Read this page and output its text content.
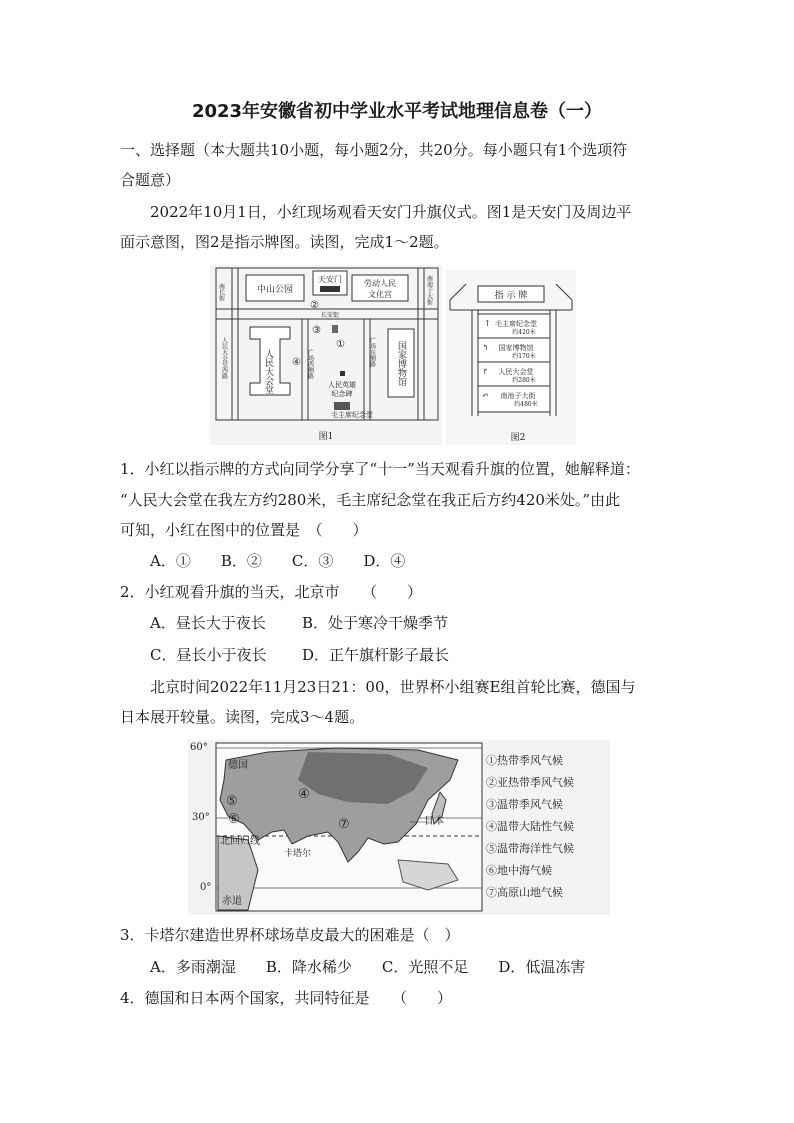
2023年安徽省初中学业水平考试地理信息卷（一）
一、选择题（本大题共10小题，每小题2分，共20分。每小题只有1个选项符
合题意）
2022年10月1日，小红现场观看天安门升旗仪式。图1是天安门及周边平
面示意图，图2是指示牌图。读图，完成1～2题。
中山公园
天安门	劳动人民
文化宫
南长街	南池子大街
长安街
②
人民大会堂
人民大会堂西路	④ 广场西侧路	广场东侧路
③
①
人民英雄
纪念碑
毛主席纪念堂
国家博物馆
图1
指 示 牌
↑ 毛主席纪念堂
约420米
↰ 国家博物馆
约170米
↱ 人民大会堂
约280米
↶ 南池子大街
约480米
图2
1．小红以指示牌的方式向同学分享了“十一”当天观看升旗的位置，她解释道：
“人民大会堂在我左方约280米，毛主席纪念堂在我正后方约420米处。”由此
可知，小红在图中的位置是　（　　）
A．①　　B．②　　C．③　　D．④
2．小红观看升旗的当天，北京市　　（　　）
A．昼长大于夜长 B．处于寒冷干燥季节
C．昼长小于夜长 D．正午旗杆影子最长
北京时间2022年11月23日21：00，世界杯小组赛E组首轮比赛，德国与
日本展开较量。读图，完成3～4题。
60°
30°
0°
④
⑤
⑥	⑦
德国
日本
卡塔尔
北回归线
赤道
①热带季风气候
②亚热带季风气候
③温带季风气候
④温带大陆性气候
⑤温带海洋性气候
⑥地中海气候
⑦高原山地气候
3．卡塔尔建造世界杯球场草皮最大的困难是（　）
A．多雨潮湿　　B．降水稀少　　C．光照不足　　D．低温冻害
4．德国和日本两个国家，共同特征是　　（　　）
